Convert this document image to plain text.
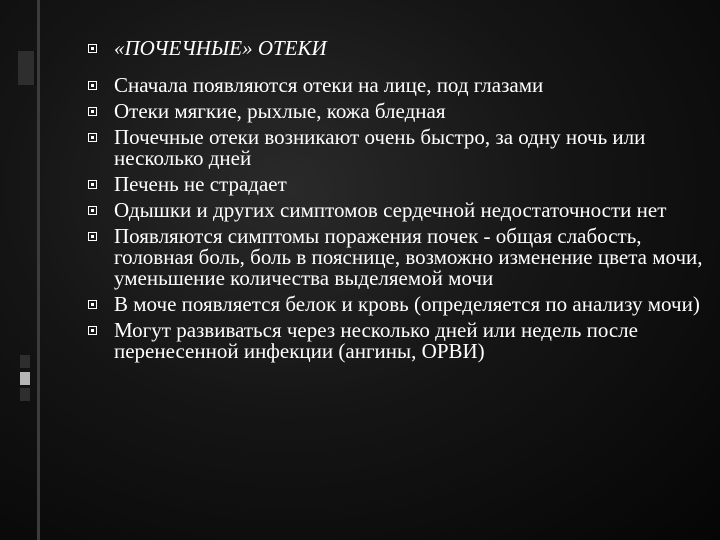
«ПОЧЕЧНЫЕ» ОТЕКИ
Сначала появляются отеки на лице, под глазами
Отеки мягкие, рыхлые, кожа бледная
Почечные отеки возникают очень быстро, за одну ночь или несколько дней
Печень не страдает
Одышки и других симптомов сердечной недостаточности нет
Появляются симптомы поражения почек - общая слабость, головная боль, боль в пояснице, возможно изменение цвета мочи, уменьшение количества выделяемой мочи
В моче появляется белок и кровь (определяется по анализу мочи)
Могут развиваться через несколько дней или недель после перенесенной инфекции (ангины, ОРВИ)
